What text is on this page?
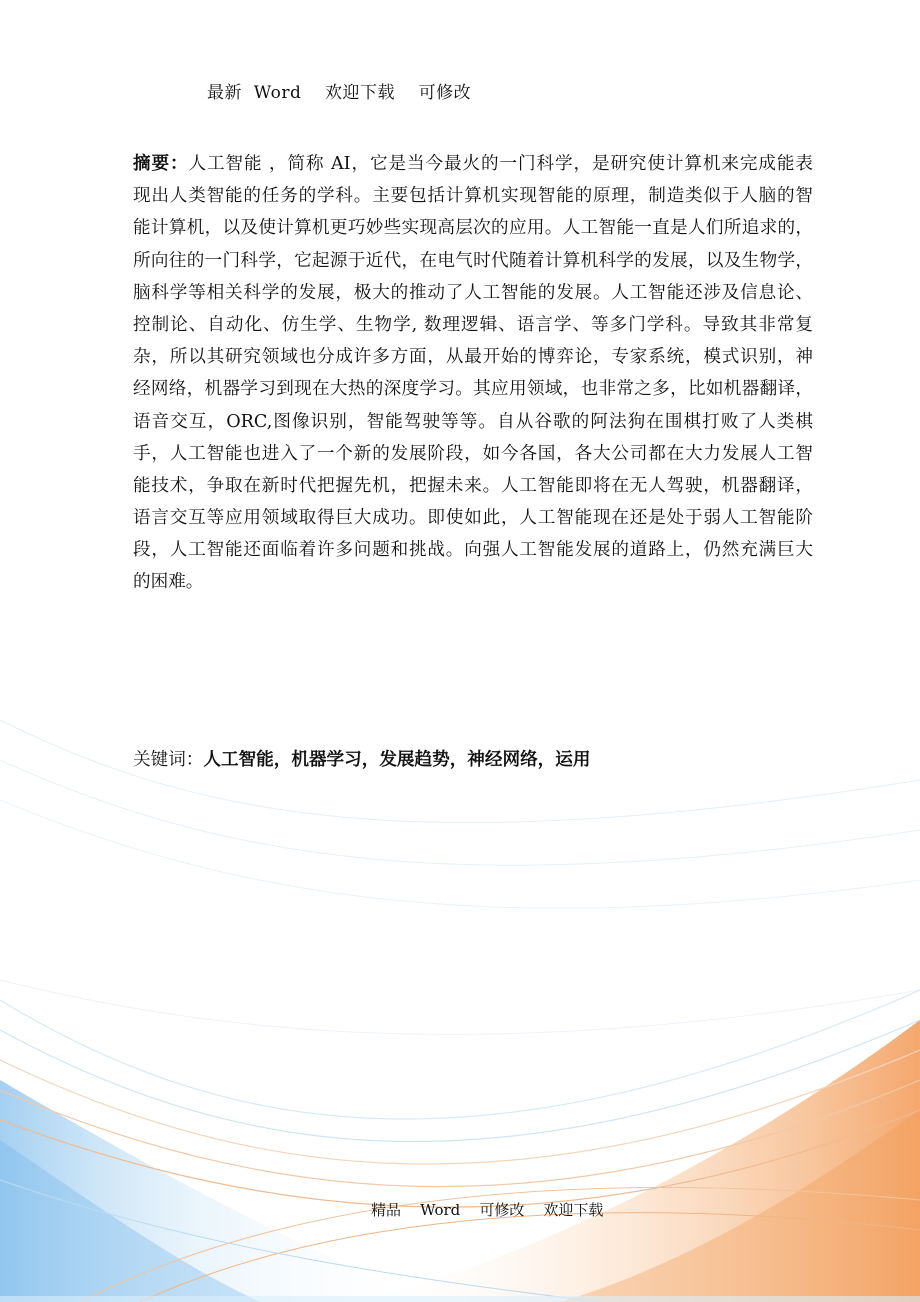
最新  Word    欢迎下载    可修改
摘要：人工智能 ，简称 AI，它是当今最火的一门科学，是研究使计算机来完成能表
现出人类智能的任务的学科。主要包括计算机实现智能的原理，制造类似于人脑的智
能计算机，以及使计算机更巧妙些实现高层次的应用。人工智能一直是人们所追求的，
所向往的一门科学，它起源于近代，在电气时代随着计算机科学的发展，以及生物学，
脑科学等相关科学的发展，极大的推动了人工智能的发展。人工智能还涉及信息论、
控制论、自动化、仿生学、生物学, 数理逻辑、语言学、等多门学科。导致其非常复
杂，所以其研究领域也分成许多方面，从最开始的博弈论，专家系统，模式识别，神
经网络，机器学习到现在大热的深度学习。其应用领域，也非常之多，比如机器翻译，
语音交互，ORC,图像识别，智能驾驶等等。自从谷歌的阿法狗在围棋打败了人类棋
手，人工智能也进入了一个新的发展阶段，如今各国，各大公司都在大力发展人工智
能技术，争取在新时代把握先机，把握未来。人工智能即将在无人驾驶，机器翻译，
语言交互等应用领域取得巨大成功。即使如此，人工智能现在还是处于弱人工智能阶
段，人工智能还面临着许多问题和挑战。向强人工智能发展的道路上，仍然充满巨大
的困难。
关键词：人工智能，机器学习，发展趋势，神经网络，运用
精品    Word    可修改    欢迎下载
